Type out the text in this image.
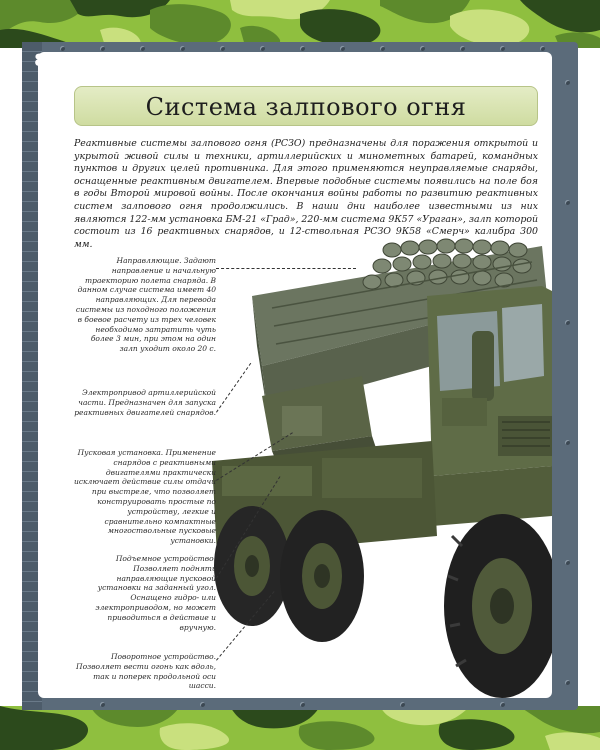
8
Система залпового огня

Реактивные системы залпового огня (РСЗО) предназначены для поражения открытой и укрытой живой силы и техники, артиллерийских и минометных батарей, командных пунктов и других целей противника. Для этого применяются неуправляемые снаряды, оснащенные реактивным двигателем. Впервые подобные системы появились на поле боя в годы Второй мировой войны. После окончания войны работы по развитию реактивных систем залпового огня продолжились. В наши дни наиболее известными из них являются 122-мм установка БМ-21 «Град», 220-мм система 9К57 «Ураган», залп которой состоит из 16 реактивных снарядов, и 12-ствольная РСЗО 9К58 «Смерч» калибра 300 мм.

Направляющие. Задают направление и начальную траекторию полета снаряда. В данном случае система имеет 40 направляющих. Для перевода системы из походного положения в боевое расчету из трех человек необходимо затратить чуть более 3 мин, при этом на один залп уходит около 20 с.

Электропривод артиллерийской части. Предназначен для запуска реактивных двигателей снарядов.

Пусковая установка. Применение снарядов с реактивными двигателями практически исключает действие силы отдачи при выстреле, что позволяет конструировать простые по устройству, легкие и сравнительно компактные многоствольные пусковые установки.

Подъемное устройство. Позволяет поднять направляющие пусковой установки на заданный угол. Оснащено гидро- или электроприводом, но может приводиться в действие и вручную.

Поворотное устройство. Позволяет вести огонь как вдоль, так и поперек продольной оси шасси.
